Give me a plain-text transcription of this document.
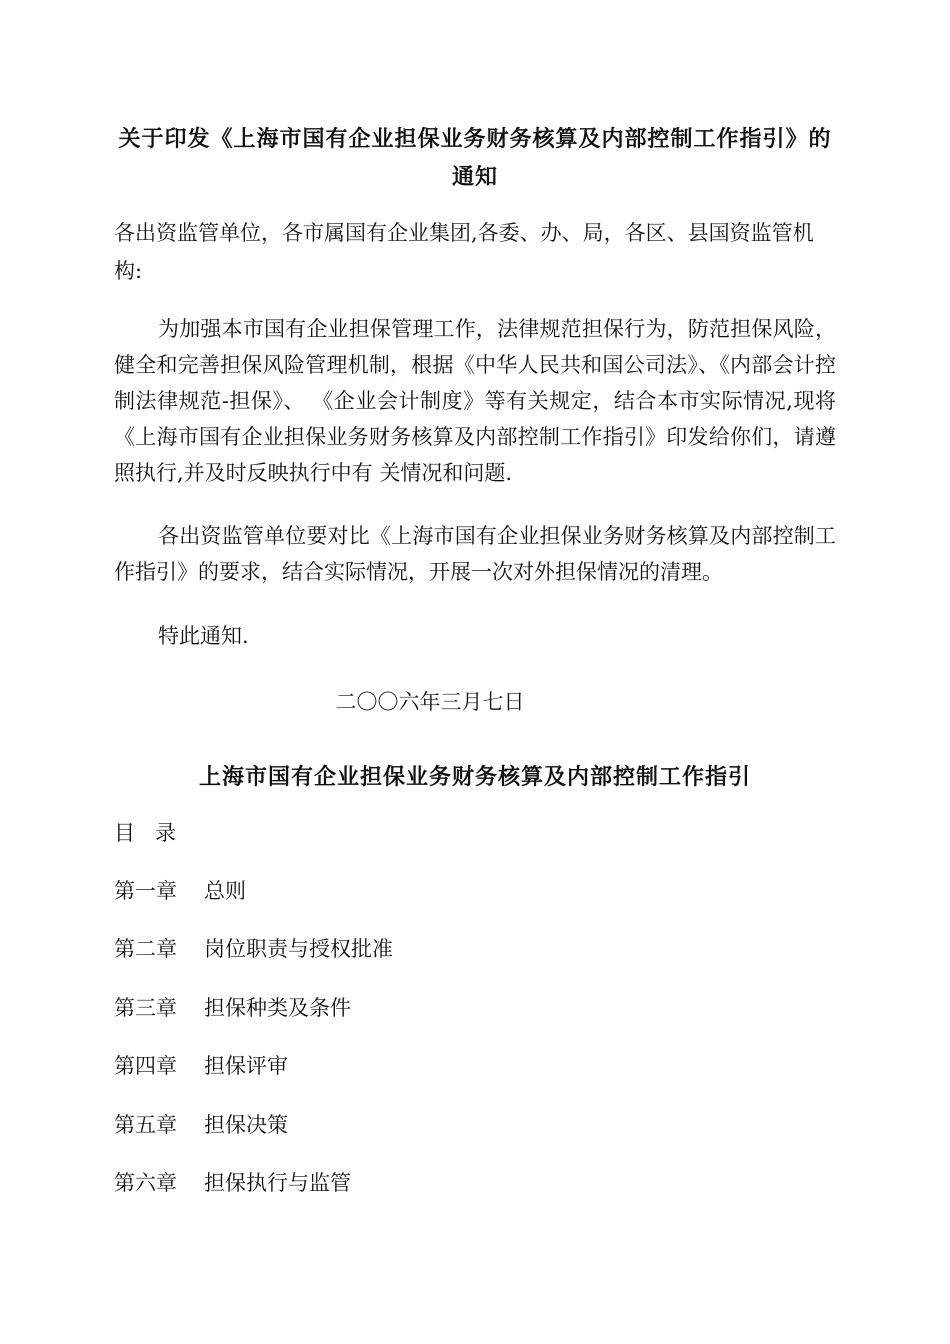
关于印发《上海市国有企业担保业务财务核算及内部控制工作指引》的通知
各出资监管单位，各市属国有企业集团,各委、办、局，各区、县国资监管机构:
为加强本市国有企业担保管理工作，法律规范担保行为，防范担保风险，健全和完善担保风险管理机制，根据《中华人民共和国公司法》、《内部会计控制法律规范-担保》、 《企业会计制度》等有关规定，结合本市实际情况,现将《上海市国有企业担保业务财务核算及内部控制工作指引》印发给你们，请遵照执行,并及时反映执行中有 关情况和问题.
各出资监管单位要对比《上海市国有企业担保业务财务核算及内部控制工作指引》的要求，结合实际情况，开展一次对外担保情况的清理。
特此通知.
二〇〇六年三月七日
上海市国有企业担保业务财务核算及内部控制工作指引
目录
第一章	总则
第二章	岗位职责与授权批准
第三章	担保种类及条件
第四章	担保评审
第五章	担保决策
第六章	担保执行与监管
